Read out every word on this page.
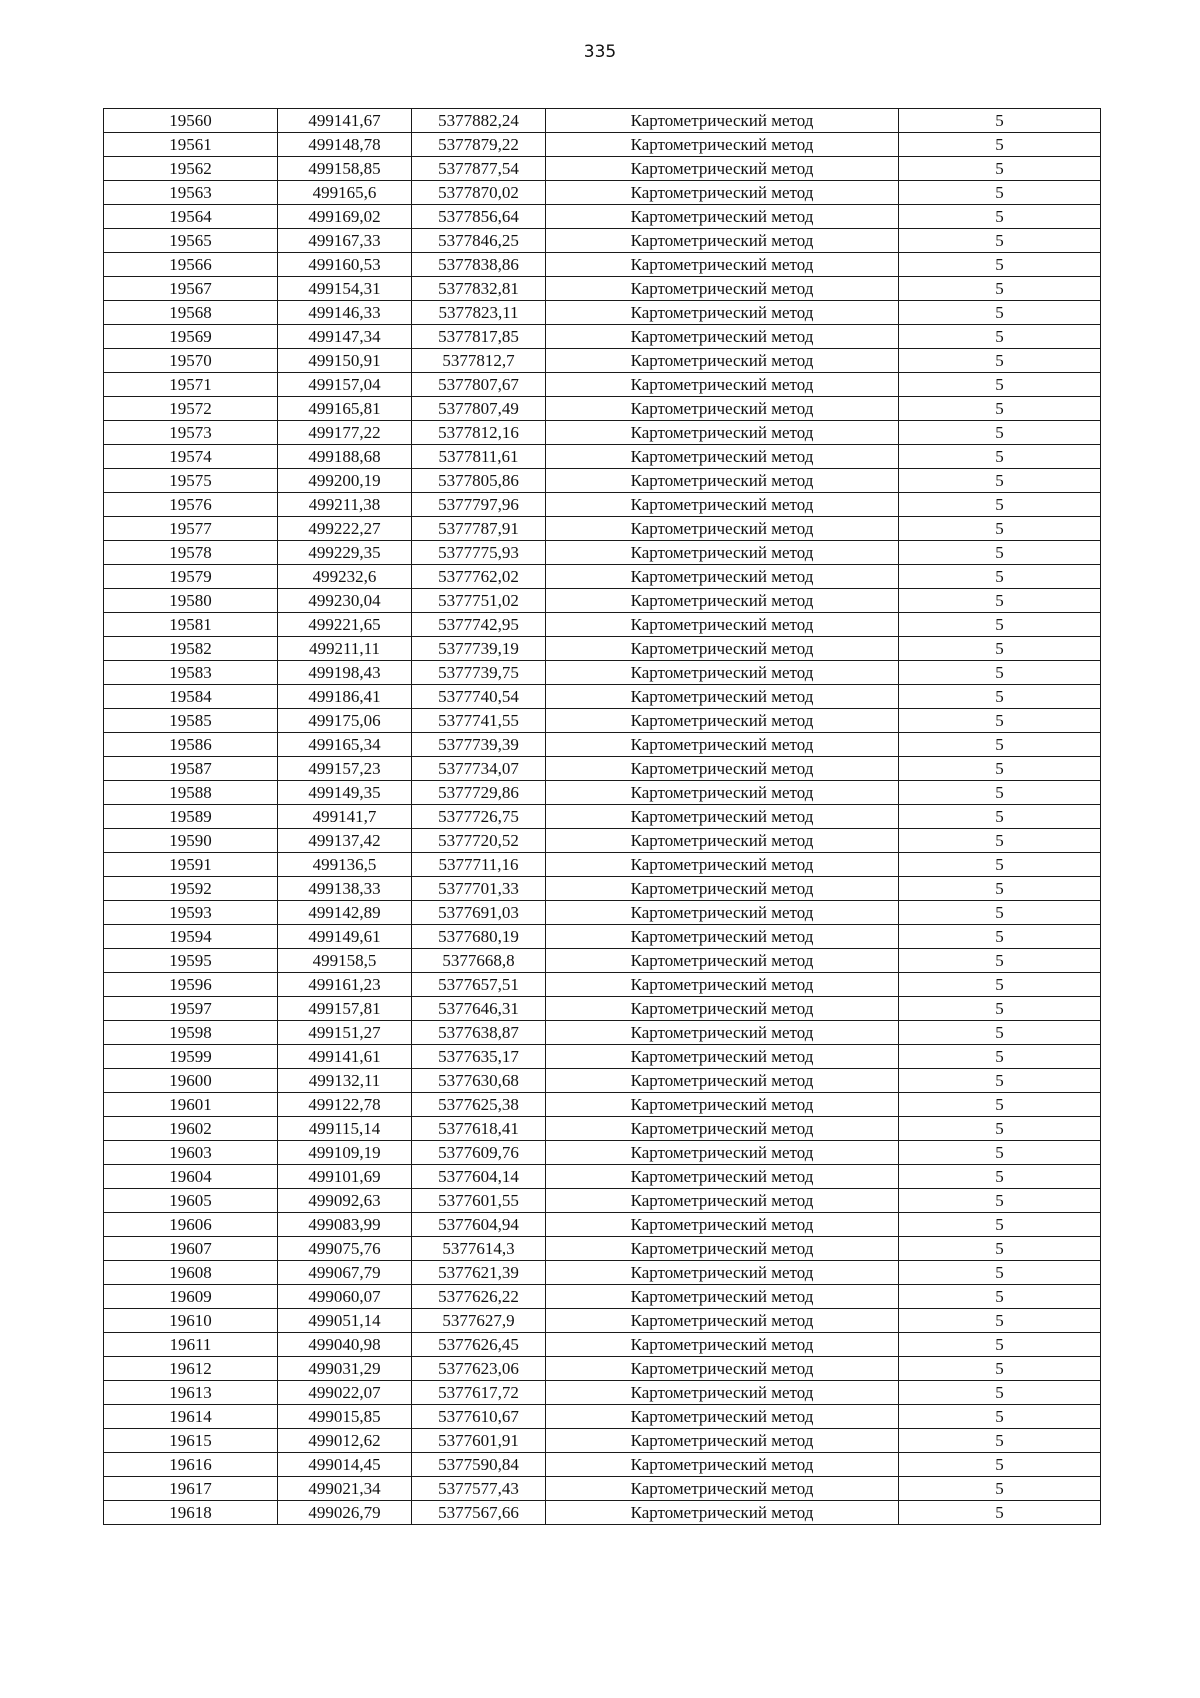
335
19560	499141,67	5377882,24	Картометрический метод	5
19561	499148,78	5377879,22	Картометрический метод	5
19562	499158,85	5377877,54	Картометрический метод	5
19563	499165,6	5377870,02	Картометрический метод	5
19564	499169,02	5377856,64	Картометрический метод	5
19565	499167,33	5377846,25	Картометрический метод	5
19566	499160,53	5377838,86	Картометрический метод	5
19567	499154,31	5377832,81	Картометрический метод	5
19568	499146,33	5377823,11	Картометрический метод	5
19569	499147,34	5377817,85	Картометрический метод	5
19570	499150,91	5377812,7	Картометрический метод	5
19571	499157,04	5377807,67	Картометрический метод	5
19572	499165,81	5377807,49	Картометрический метод	5
19573	499177,22	5377812,16	Картометрический метод	5
19574	499188,68	5377811,61	Картометрический метод	5
19575	499200,19	5377805,86	Картометрический метод	5
19576	499211,38	5377797,96	Картометрический метод	5
19577	499222,27	5377787,91	Картометрический метод	5
19578	499229,35	5377775,93	Картометрический метод	5
19579	499232,6	5377762,02	Картометрический метод	5
19580	499230,04	5377751,02	Картометрический метод	5
19581	499221,65	5377742,95	Картометрический метод	5
19582	499211,11	5377739,19	Картометрический метод	5
19583	499198,43	5377739,75	Картометрический метод	5
19584	499186,41	5377740,54	Картометрический метод	5
19585	499175,06	5377741,55	Картометрический метод	5
19586	499165,34	5377739,39	Картометрический метод	5
19587	499157,23	5377734,07	Картометрический метод	5
19588	499149,35	5377729,86	Картометрический метод	5
19589	499141,7	5377726,75	Картометрический метод	5
19590	499137,42	5377720,52	Картометрический метод	5
19591	499136,5	5377711,16	Картометрический метод	5
19592	499138,33	5377701,33	Картометрический метод	5
19593	499142,89	5377691,03	Картометрический метод	5
19594	499149,61	5377680,19	Картометрический метод	5
19595	499158,5	5377668,8	Картометрический метод	5
19596	499161,23	5377657,51	Картометрический метод	5
19597	499157,81	5377646,31	Картометрический метод	5
19598	499151,27	5377638,87	Картометрический метод	5
19599	499141,61	5377635,17	Картометрический метод	5
19600	499132,11	5377630,68	Картометрический метод	5
19601	499122,78	5377625,38	Картометрический метод	5
19602	499115,14	5377618,41	Картометрический метод	5
19603	499109,19	5377609,76	Картометрический метод	5
19604	499101,69	5377604,14	Картометрический метод	5
19605	499092,63	5377601,55	Картометрический метод	5
19606	499083,99	5377604,94	Картометрический метод	5
19607	499075,76	5377614,3	Картометрический метод	5
19608	499067,79	5377621,39	Картометрический метод	5
19609	499060,07	5377626,22	Картометрический метод	5
19610	499051,14	5377627,9	Картометрический метод	5
19611	499040,98	5377626,45	Картометрический метод	5
19612	499031,29	5377623,06	Картометрический метод	5
19613	499022,07	5377617,72	Картометрический метод	5
19614	499015,85	5377610,67	Картометрический метод	5
19615	499012,62	5377601,91	Картометрический метод	5
19616	499014,45	5377590,84	Картометрический метод	5
19617	499021,34	5377577,43	Картометрический метод	5
19618	499026,79	5377567,66	Картометрический метод	5
